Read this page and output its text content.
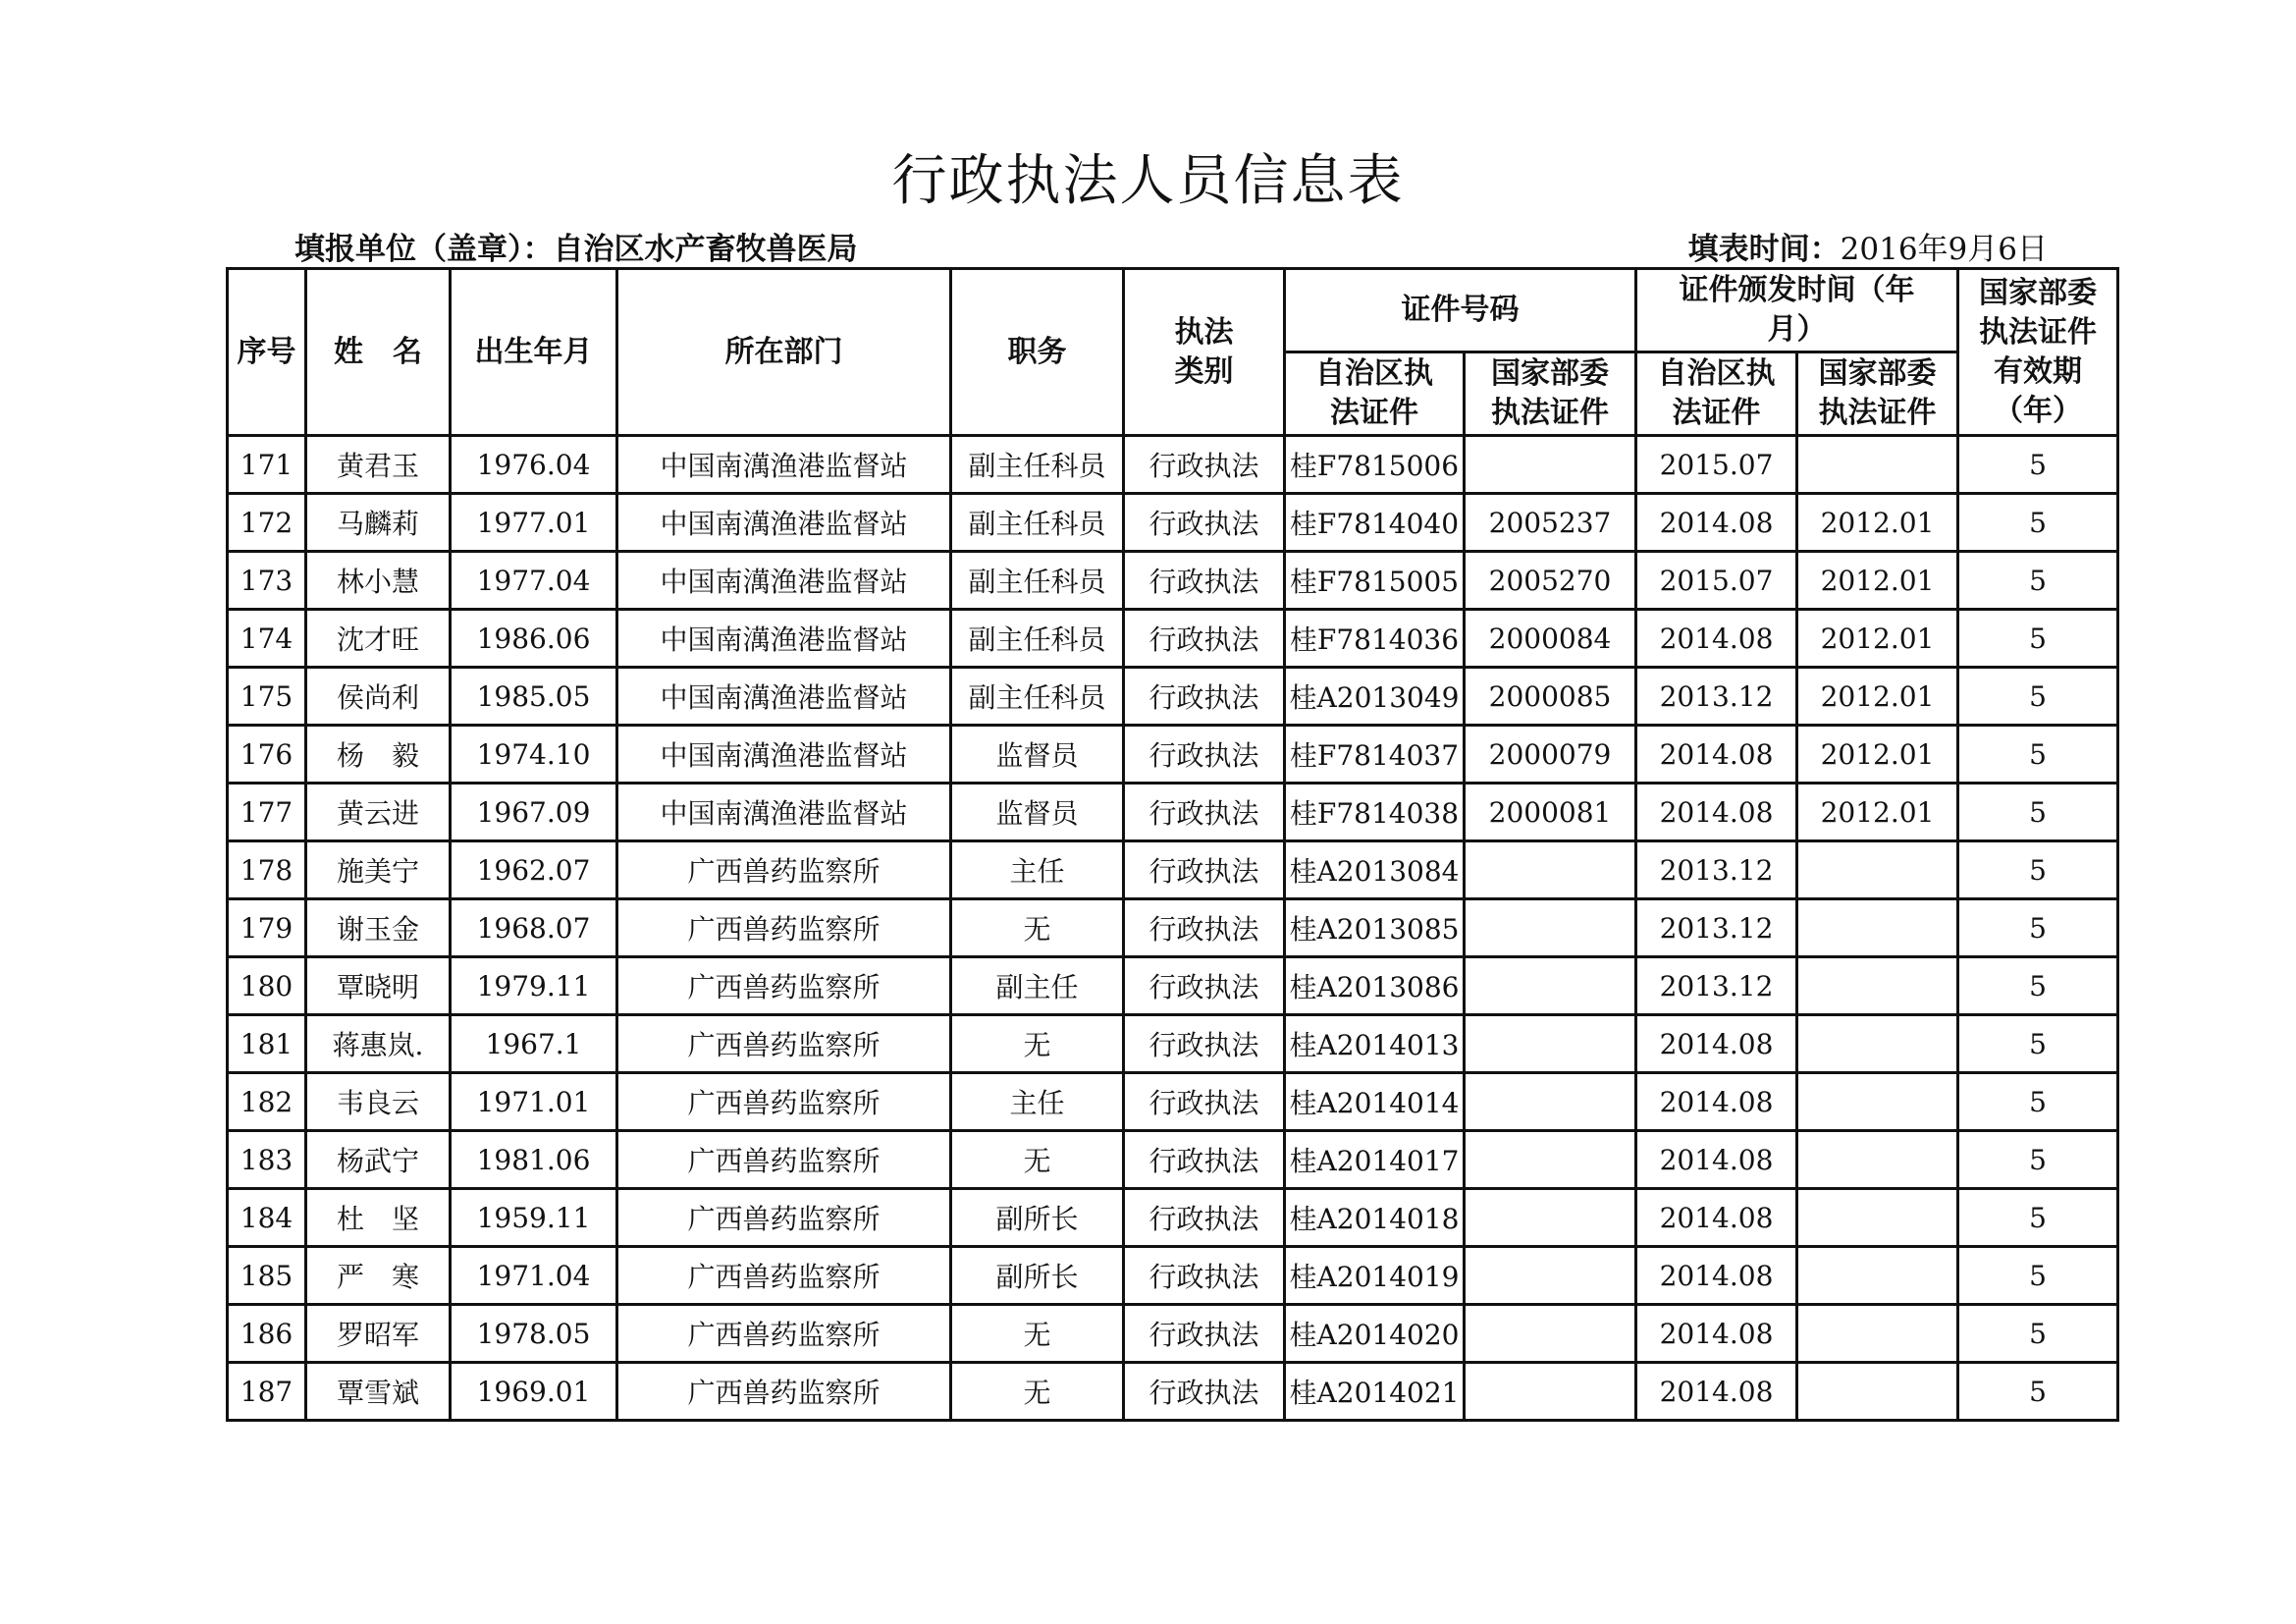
行政执法人员信息表
填报单位（盖章）：自治区水产畜牧兽医局	填表时间：2016年9月6日
序号	姓　名	出生年月	所在部门	职务	执法类别	证件号码		证件颁发时间（年月）		国家部委执法证件有效期（年）
						自治区执法证件	国家部委执法证件	自治区执法证件	国家部委执法证件	
171	黄君玉	1976.04	中国南澫渔港监督站	副主任科员	行政执法	桂F7815006		2015.07		5
172	马麟莉	1977.01	中国南澫渔港监督站	副主任科员	行政执法	桂F7814040	2005237	2014.08	2012.01	5
173	林小慧	1977.04	中国南澫渔港监督站	副主任科员	行政执法	桂F7815005	2005270	2015.07	2012.01	5
174	沈才旺	1986.06	中国南澫渔港监督站	副主任科员	行政执法	桂F7814036	2000084	2014.08	2012.01	5
175	侯尚利	1985.05	中国南澫渔港监督站	副主任科员	行政执法	桂A2013049	2000085	2013.12	2012.01	5
176	杨　毅	1974.10	中国南澫渔港监督站	监督员	行政执法	桂F7814037	2000079	2014.08	2012.01	5
177	黄云进	1967.09	中国南澫渔港监督站	监督员	行政执法	桂F7814038	2000081	2014.08	2012.01	5
178	施美宁	1962.07	广西兽药监察所	主任	行政执法	桂A2013084		2013.12		5
179	谢玉金	1968.07	广西兽药监察所	无	行政执法	桂A2013085		2013.12		5
180	覃晓明	1979.11	广西兽药监察所	副主任	行政执法	桂A2013086		2013.12		5
181	蒋惠岚.	1967.1	广西兽药监察所	无	行政执法	桂A2014013		2014.08		5
182	韦良云	1971.01	广西兽药监察所	主任	行政执法	桂A2014014		2014.08		5
183	杨武宁	1981.06	广西兽药监察所	无	行政执法	桂A2014017		2014.08		5
184	杜　坚	1959.11	广西兽药监察所	副所长	行政执法	桂A2014018		2014.08		5
185	严　寒	1971.04	广西兽药监察所	副所长	行政执法	桂A2014019		2014.08		5
186	罗昭军	1978.05	广西兽药监察所	无	行政执法	桂A2014020		2014.08		5
187	覃雪斌	1969.01	广西兽药监察所	无	行政执法	桂A2014021		2014.08		5
